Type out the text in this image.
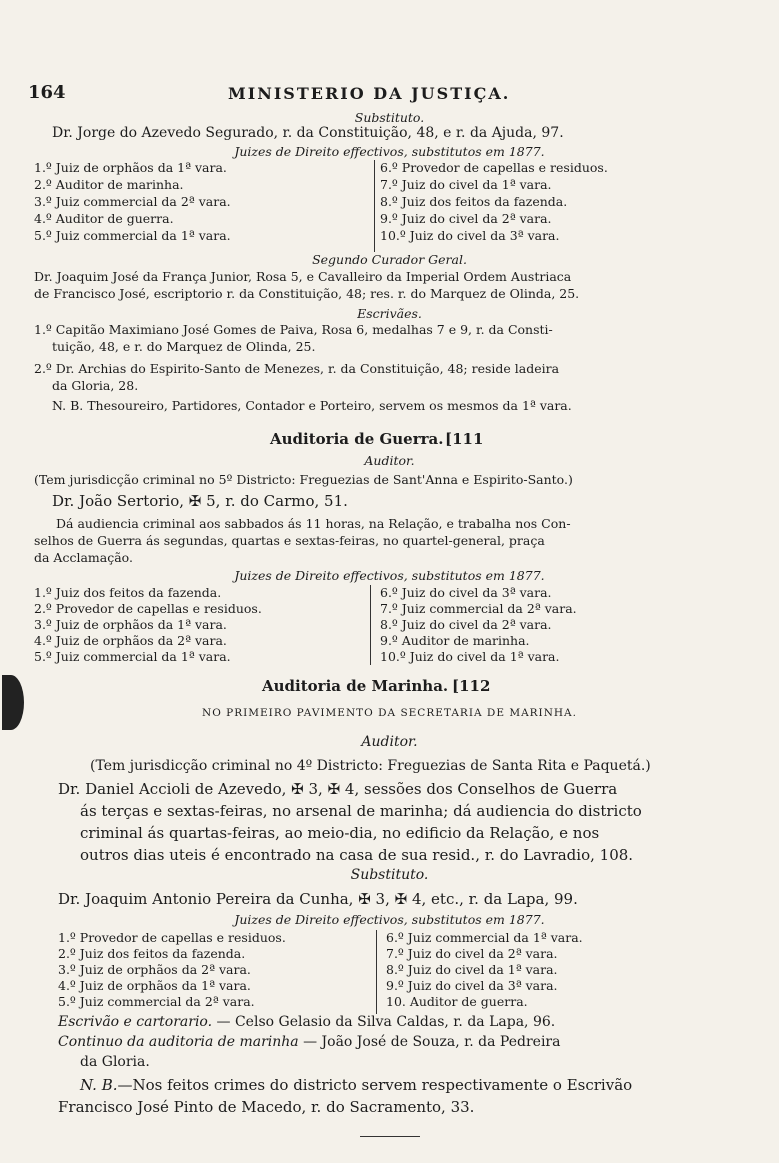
164	MINISTERIO DA JUSTIÇA.
Substituto.
Dr. Jorge do Azevedo Segurado, r. da Constituição, 48, e r. da Ajuda, 97.
Juizes de Direito effectivos, substitutos em 1877.
1.º Juiz de orphãos da 1ª vara.
2.º Auditor de marinha.
3.º Juiz commercial da 2ª vara.
4.º Auditor de guerra.
5.º Juiz commercial da 1ª vara.
6.º Provedor de capellas e residuos.
7.º Juiz do civel da 1ª vara.
8.º Juiz dos feitos da fazenda.
9.º Juiz do civel da 2ª vara.
10.º Juiz do civel da 3ª vara.
Segundo Curador Geral.
Dr. Joaquim José da França Junior, Rosa 5, e Cavalleiro da Imperial Ordem Austriaca
de Francisco José, escriptorio r. da Constituição, 48; res. r. do Marquez de Olinda, 25.
Escrivães.
1.º Capitão Maximiano José Gomes de Paiva, Rosa 6, medalhas 7 e 9, r. da Consti-
tuição, 48, e r. do Marquez de Olinda, 25.
2.º Dr. Archias do Espirito-Santo de Menezes, r. da Constituição, 48; reside ladeira
da Gloria, 28.
N. B. Thesoureiro, Partidores, Contador e Porteiro, servem os mesmos da 1ª vara.
Auditoria de Guerra. [111
Auditor.
(Tem jurisdicção criminal no 5º Districto: Freguezias de Sant'Anna e Espirito-Santo.)
Dr. João Sertorio, ✠ 5, r. do Carmo, 51.
Dá audiencia criminal aos sabbados ás 11 horas, na Relação, e trabalha nos Con-
selhos de Guerra ás segundas, quartas e sextas-feiras, no quartel-general, praça
da Acclamação.
Juizes de Direito effectivos, substitutos em 1877.
1.º Juiz dos feitos da fazenda.
2.º Provedor de capellas e residuos.
3.º Juiz de orphãos da 1ª vara.
4.º Juiz de orphãos da 2ª vara.
5.º Juiz commercial da 1ª vara.
6.º Juiz do civel da 3ª vara.
7.º Juiz commercial da 2ª vara.
8.º Juiz do civel da 2ª vara.
9.º Auditor de marinha.
10.º Juiz do civel da 1ª vara.
Auditoria de Marinha. [112
NO PRIMEIRO PAVIMENTO DA SECRETARIA DE MARINHA.
Auditor.
(Tem jurisdicção criminal no 4º Districto: Freguezias de Santa Rita e Paquetá.)
Dr. Daniel Accioli de Azevedo, ✠ 3, ✠ 4, sessões dos Conselhos de Guerra
ás terças e sextas-feiras, no arsenal de marinha; dá audiencia do districto
criminal ás quartas-feiras, ao meio-dia, no edificio da Relação, e nos
outros dias uteis é encontrado na casa de sua resid., r. do Lavradio, 108.
Substituto.
Dr. Joaquim Antonio Pereira da Cunha, ✠ 3, ✠ 4, etc., r. da Lapa, 99.
Juizes de Direito effectivos, substitutos em 1877.
1.º Provedor de capellas e residuos.
2.º Juiz dos feitos da fazenda.
3.º Juiz de orphãos da 2ª vara.
4.º Juiz de orphãos da 1ª vara.
5.º Juiz commercial da 2ª vara.
6.º Juiz commercial da 1ª vara.
7.º Juiz do civel da 2ª vara.
8.º Juiz do civel da 1ª vara.
9.º Juiz do civel da 3ª vara.
10. Auditor de guerra.
Escrivão e cartorario. — Celso Gelasio da Silva Caldas, r. da Lapa, 96.
Continuo da auditoria de marinha — João José de Souza, r. da Pedreira
da Gloria.
N. B.—Nos feitos crimes do districto servem respectivamente o Escrivão
Francisco José Pinto de Macedo, r. do Sacramento, 33.
